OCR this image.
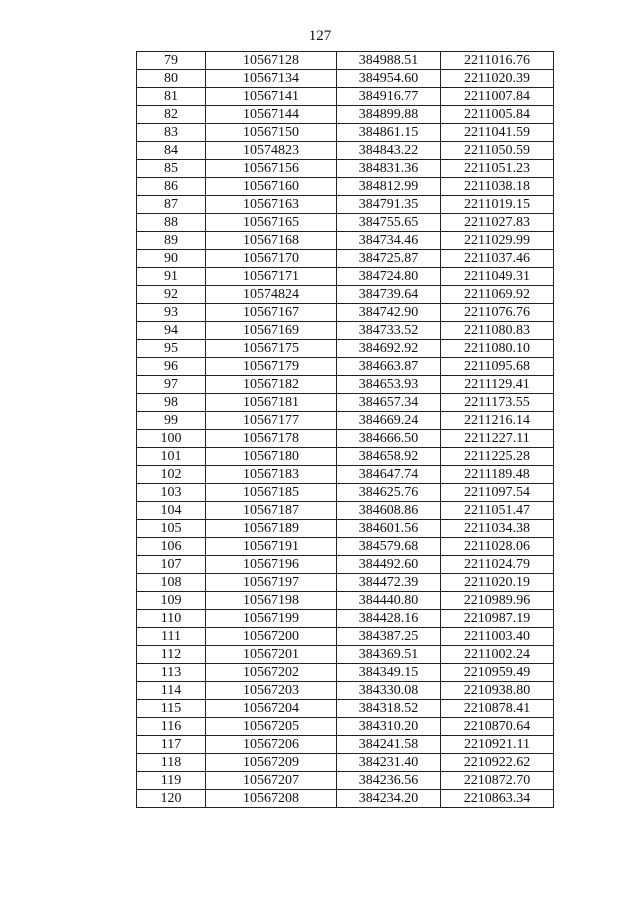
127
79	10567128	384988.51	2211016.76
80	10567134	384954.60	2211020.39
81	10567141	384916.77	2211007.84
82	10567144	384899.88	2211005.84
83	10567150	384861.15	2211041.59
84	10574823	384843.22	2211050.59
85	10567156	384831.36	2211051.23
86	10567160	384812.99	2211038.18
87	10567163	384791.35	2211019.15
88	10567165	384755.65	2211027.83
89	10567168	384734.46	2211029.99
90	10567170	384725.87	2211037.46
91	10567171	384724.80	2211049.31
92	10574824	384739.64	2211069.92
93	10567167	384742.90	2211076.76
94	10567169	384733.52	2211080.83
95	10567175	384692.92	2211080.10
96	10567179	384663.87	2211095.68
97	10567182	384653.93	2211129.41
98	10567181	384657.34	2211173.55
99	10567177	384669.24	2211216.14
100	10567178	384666.50	2211227.11
101	10567180	384658.92	2211225.28
102	10567183	384647.74	2211189.48
103	10567185	384625.76	2211097.54
104	10567187	384608.86	2211051.47
105	10567189	384601.56	2211034.38
106	10567191	384579.68	2211028.06
107	10567196	384492.60	2211024.79
108	10567197	384472.39	2211020.19
109	10567198	384440.80	2210989.96
110	10567199	384428.16	2210987.19
111	10567200	384387.25	2211003.40
112	10567201	384369.51	2211002.24
113	10567202	384349.15	2210959.49
114	10567203	384330.08	2210938.80
115	10567204	384318.52	2210878.41
116	10567205	384310.20	2210870.64
117	10567206	384241.58	2210921.11
118	10567209	384231.40	2210922.62
119	10567207	384236.56	2210872.70
120	10567208	384234.20	2210863.34
